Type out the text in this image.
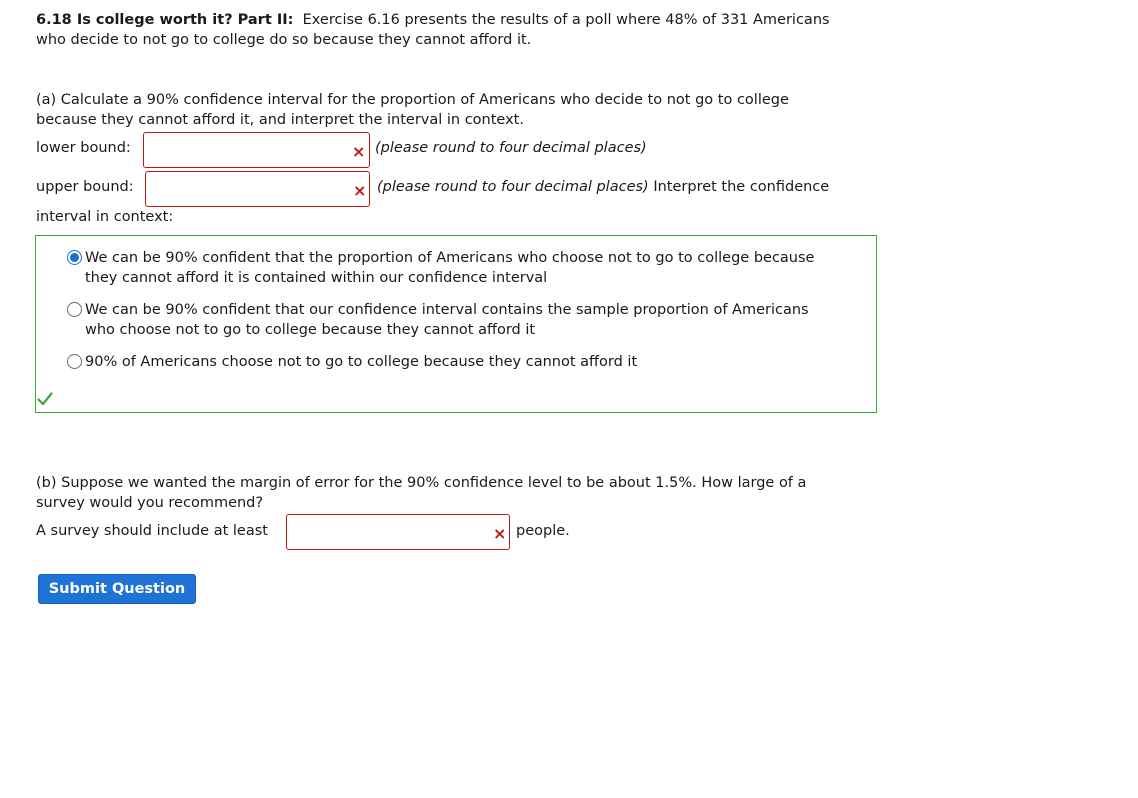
6.18 Is college worth it? Part II: Exercise 6.16 presents the results of a poll where 48% of 331 Americans
who decide to not go to college do so because they cannot afford it.
(a) Calculate a 90% confidence interval for the proportion of Americans who decide to not go to college
because they cannot afford it, and interpret the interval in context.
lower bound:	× (please round to four decimal places)
upper bound:	× (please round to four decimal places) Interpret the confidence
interval in context:
We can be 90% confident that the proportion of Americans who choose not to go to college because
they cannot afford it is contained within our confidence interval
We can be 90% confident that our confidence interval contains the sample proportion of Americans
who choose not to go to college because they cannot afford it
90% of Americans choose not to go to college because they cannot afford it
(b) Suppose we wanted the margin of error for the 90% confidence level to be about 1.5%. How large of a
survey would you recommend?
A survey should include at least	× people.
Submit Question
